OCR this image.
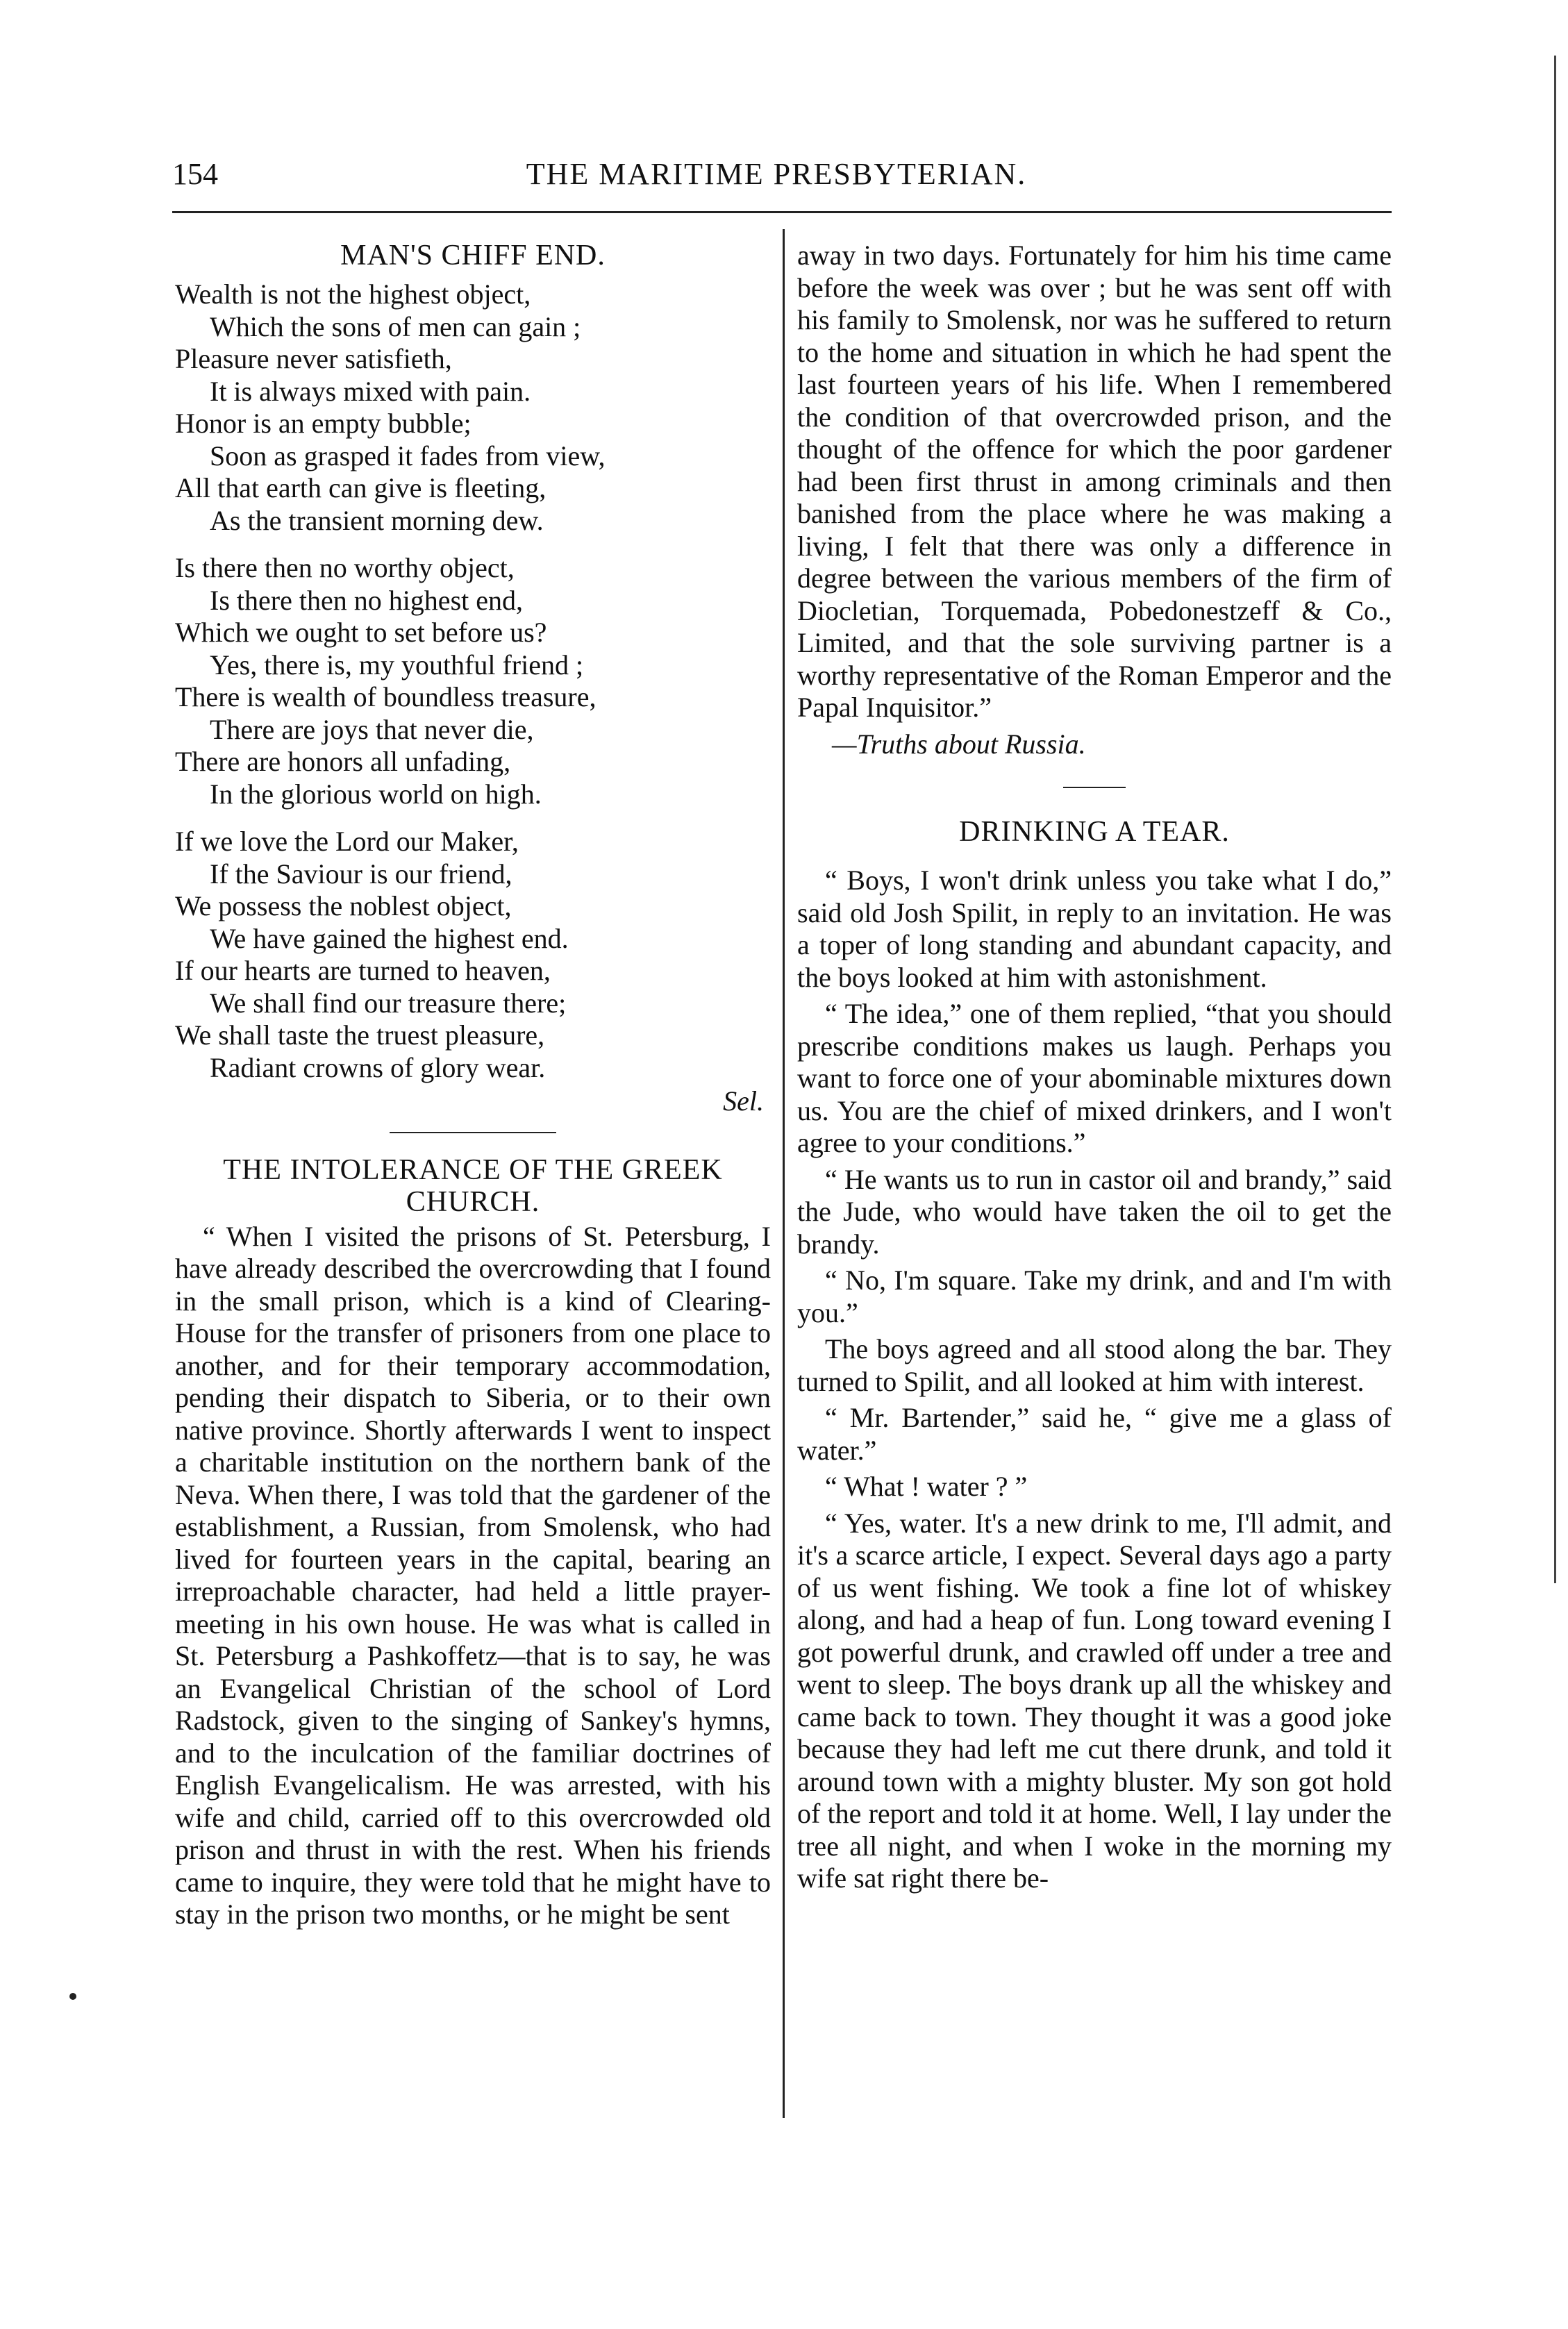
154	THE MARITIME PRESBYTERIAN.
MAN'S CHIFF END.
Wealth is not the highest object,
Which the sons of men can gain ;
Pleasure never satisfieth,
It is always mixed with pain.
Honor is an empty bubble;
Soon as grasped it fades from view,
All that earth can give is fleeting,
As the transient morning dew.
Is there then no worthy object,
Is there then no highest end,
Which we ought to set before us?
Yes, there is, my youthful friend ;
There is wealth of boundless treasure,
There are joys that never die,
There are honors all unfading,
In the glorious world on high.
If we love the Lord our Maker,
If the Saviour is our friend,
We possess the noblest object,
We have gained the highest end.
If our hearts are turned to heaven,
We shall find our treasure there;
We shall taste the truest pleasure,
Radiant crowns of glory wear.
Sel.
THE INTOLERANCE OF THE GREEK CHURCH.

“ When I visited the prisons of St. Petersburg, I have already described the overcrowding that I found in the small prison, which is a kind of Clearing-House for the transfer of prisoners from one place to another, and for their temporary accommodation, pending their dispatch to Siberia, or to their own native province. Shortly afterwards I went to inspect a charitable institution on the northern bank of the Neva. When there, I was told that the gardener of the establishment, a Russian, from Smolensk, who had lived for fourteen years in the capital, bearing an irreproachable character, had held a little prayer-meeting in his own house. He was what is called in St. Petersburg a Pashkoffetz—that is to say, he was an Evangelical Christian of the school of Lord Radstock, given to the singing of Sankey's hymns, and to the inculcation of the familiar doctrines of English Evangelicalism. He was arrested, with his wife and child, carried off to this overcrowded old prison and thrust in with the rest. When his friends came to inquire, they were told that he might have to stay in the prison two months, or he might be sent

away in two days. Fortunately for him his time came before the week was over ; but he was sent off with his family to Smolensk, nor was he suffered to return to the home and situation in which he had spent the last fourteen years of his life. When I remembered the condition of that overcrowded prison, and the thought of the offence for which the poor gardener had been first thrust in among criminals and then banished from the place where he was making a living, I felt that there was only a difference in degree between the various members of the firm of Diocletian, Torquemada, Pobedonestzeff & Co., Limited, and that the sole surviving partner is a worthy representative of the Roman Emperor and the Papal Inquisitor.”

—Truths about Russia.
DRINKING A TEAR.

“ Boys, I won't drink unless you take what I do,” said old Josh Spilit, in reply to an invitation. He was a toper of long standing and abundant capacity, and the boys looked at him with astonishment.

“ The idea,” one of them replied, “that you should prescribe conditions makes us laugh. Perhaps you want to force one of your abominable mixtures down us. You are the chief of mixed drinkers, and I won't agree to your conditions.”

“ He wants us to run in castor oil and brandy,” said the Jude, who would have taken the oil to get the brandy.

“ No, I'm square. Take my drink, and and I'm with you.”

The boys agreed and all stood along the bar. They turned to Spilit, and all looked at him with interest.

“ Mr. Bartender,” said he, “ give me a glass of water.”

“ What ! water ? ”

“ Yes, water. It's a new drink to me, I'll admit, and it's a scarce article, I expect. Several days ago a party of us went fishing. We took a fine lot of whiskey along, and had a heap of fun. Long toward evening I got powerful drunk, and crawled off under a tree and went to sleep. The boys drank up all the whiskey and came back to town. They thought it was a good joke because they had left me cut there drunk, and told it around town with a mighty bluster. My son got hold of the report and told it at home. Well, I lay under the tree all night, and when I woke in the morning my wife sat right there be-
